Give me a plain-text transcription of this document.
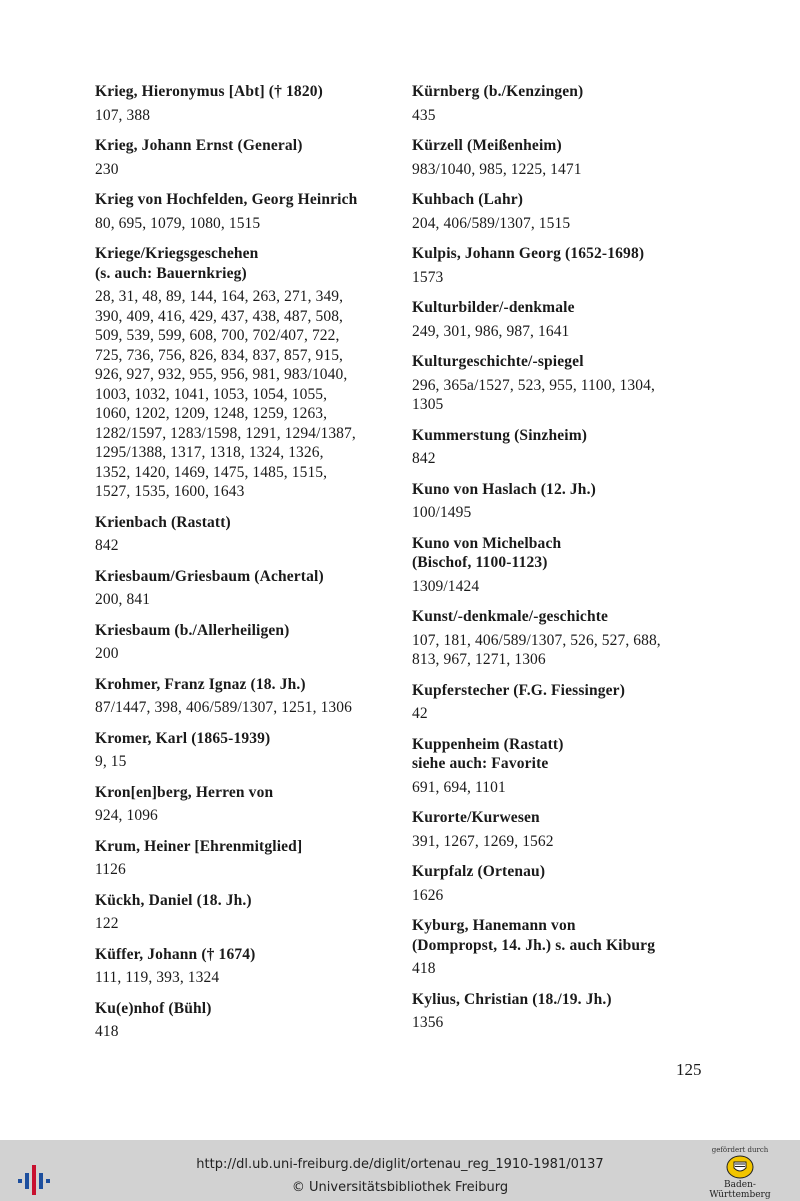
Krieg, Hieronymus [Abt] († 1820)
107, 388
Krieg, Johann Ernst (General)
230
Krieg von Hochfelden, Georg Heinrich
80, 695, 1079, 1080, 1515
Kriege/Kriegsgeschehen
(s. auch: Bauernkrieg)
28, 31, 48, 89, 144, 164, 263, 271, 349,
390, 409, 416, 429, 437, 438, 487, 508,
509, 539, 599, 608, 700, 702/407, 722,
725, 736, 756, 826, 834, 837, 857, 915,
926, 927, 932, 955, 956, 981, 983/1040,
1003, 1032, 1041, 1053, 1054, 1055,
1060, 1202, 1209, 1248, 1259, 1263,
1282/1597, 1283/1598, 1291, 1294/1387,
1295/1388, 1317, 1318, 1324, 1326,
1352, 1420, 1469, 1475, 1485, 1515,
1527, 1535, 1600, 1643
Krienbach (Rastatt)
842
Kriesbaum/Griesbaum (Achertal)
200, 841
Kriesbaum (b./Allerheiligen)
200
Krohmer, Franz Ignaz (18. Jh.)
87/1447, 398, 406/589/1307, 1251, 1306
Kromer, Karl (1865-1939)
9, 15
Kron[en]berg, Herren von
924, 1096
Krum, Heiner [Ehrenmitglied]
1126
Kückh, Daniel (18. Jh.)
122
Küffer, Johann († 1674)
111, 119, 393, 1324
Ku(e)nhof (Bühl)
418
Kürnberg (b./Kenzingen)
435
Kürzell (Meißenheim)
983/1040, 985, 1225, 1471
Kuhbach (Lahr)
204, 406/589/1307, 1515
Kulpis, Johann Georg (1652-1698)
1573
Kulturbilder/-denkmale
249, 301, 986, 987, 1641
Kulturgeschichte/-spiegel
296, 365a/1527, 523, 955, 1100, 1304,
1305
Kummerstung (Sinzheim)
842
Kuno von Haslach (12. Jh.)
100/1495
Kuno von Michelbach
(Bischof, 1100-1123)
1309/1424
Kunst/-denkmale/-geschichte
107, 181, 406/589/1307, 526, 527, 688,
813, 967, 1271, 1306
Kupferstecher (F.G. Fiessinger)
42
Kuppenheim (Rastatt)
siehe auch: Favorite
691, 694, 1101
Kurorte/Kurwesen
391, 1267, 1269, 1562
Kurpfalz (Ortenau)
1626
Kyburg, Hanemann von
(Dompropst, 14. Jh.) s. auch Kiburg
418
Kylius, Christian (18./19. Jh.)
1356
125
http://dl.ub.uni-freiburg.de/diglit/ortenau_reg_1910-1981/0137
© Universitätsbibliothek Freiburg
gefördert durch
Baden-Württemberg
